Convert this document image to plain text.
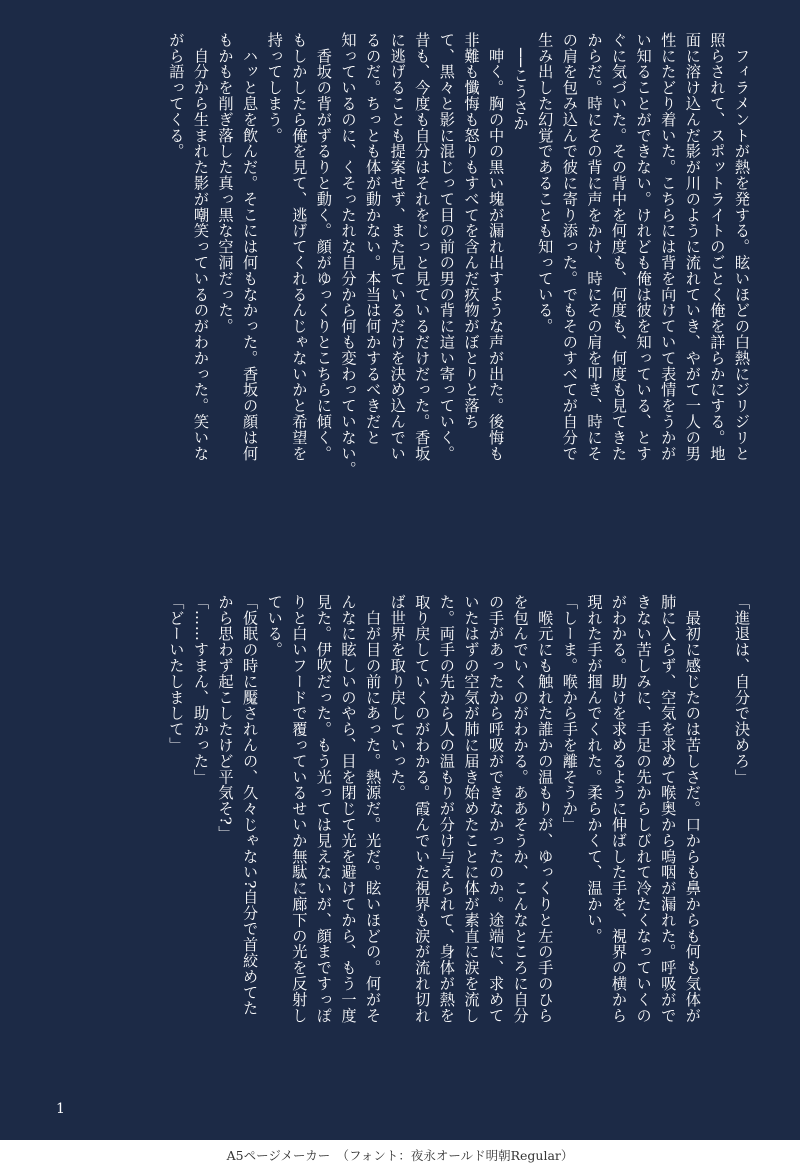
　フィラメントが熱を発する。眩いほどの白熱にジリジリと
照らされて、スポットライトのごとく俺を詳らかにする。地
面に溶け込んだ影が川のように流れていき、やがて一人の男
性にたどり着いた。こちらには背を向けていて表情をうかが
い知ることができない。けれども俺は彼を知っている、とす
ぐに気づいた。その背中を何度も、何度も、何度も見てきた
からだ。時にその背に声をかけ、時にその肩を叩き、時にそ
の肩を包み込んで彼に寄り添った。でもそのすべてが自分で
生み出した幻覚であることも知っている。
　──こうさか
　呻く。胸の中の黒い塊が漏れ出すような声が出た。後悔も
非難も懺悔も怒りもすべてを含んだ疚物がぼとりと落ち
て、黒々と影に混じって目の前の男の背に這い寄っていく。
昔も、今度も自分はそれをじっと見ているだけだった。香坂
に逃げることも提案せず、また見ているだけを決め込んでい
るのだ。ちっとも体が動かない。本当は何かするべきだと
知っているのに、くそったれな自分から何も変わっていない。
　香坂の背がずるりと動く。顔がゆっくりとこちらに傾く。
もしかしたら俺を見て、逃げてくれるんじゃないかと希望を
持ってしまう。
　ハッと息を飲んだ。そこには何もなかった。香坂の顔は何
もかもを削ぎ落した真っ黒な空洞だった。
　自分から生まれた影が嘲笑っているのがわかった。笑いな
がら語ってくる。
「進退は、自分で決めろ」

　最初に感じたのは苦しさだ。口からも鼻からも何も気体が
肺に入らず、空気を求めて喉奥から嗚咽が漏れた。呼吸がで
きない苦しみに、手足の先からしびれて冷たくなっていくの
がわかる。助けを求めるように伸ばした手を、視界の横から
現れた手が掴んでくれた。柔らかくて、温かい。
「しーま。喉から手を離そうか」
　喉元にも触れた誰かの温もりが、ゆっくりと左の手のひら
を包んでいくのがわかる。ああそうか、こんなところに自分
の手があったから呼吸ができなかったのか。途端に、求めて
いたはずの空気が肺に届き始めたことに体が素直に涙を流し
た。両手の先から人の温もりが分け与えられて、身体が熱を
取り戻していくのがわかる。霞んでいた視界も涙が流れ切れ
ば世界を取り戻していった。
　白が目の前にあった。熱源だ。光だ。眩いほどの。何がそ
んなに眩しいのやら、目を閉じて光を避けてから、もう一度
見た。伊吹だった。もう光っては見えないが、顔まですっぽ
りと白いフードで覆っているせいか無駄に廊下の光を反射し
ている。
「仮眠の時に魘されんの、久々じゃない?自分で首絞めてた
から思わず起こしたけど平気そ?」
「……すまん、助かった」
「どーいたしまして」
1
A5ページメーカー　（フォント：夜永オールド明朝Regular）
